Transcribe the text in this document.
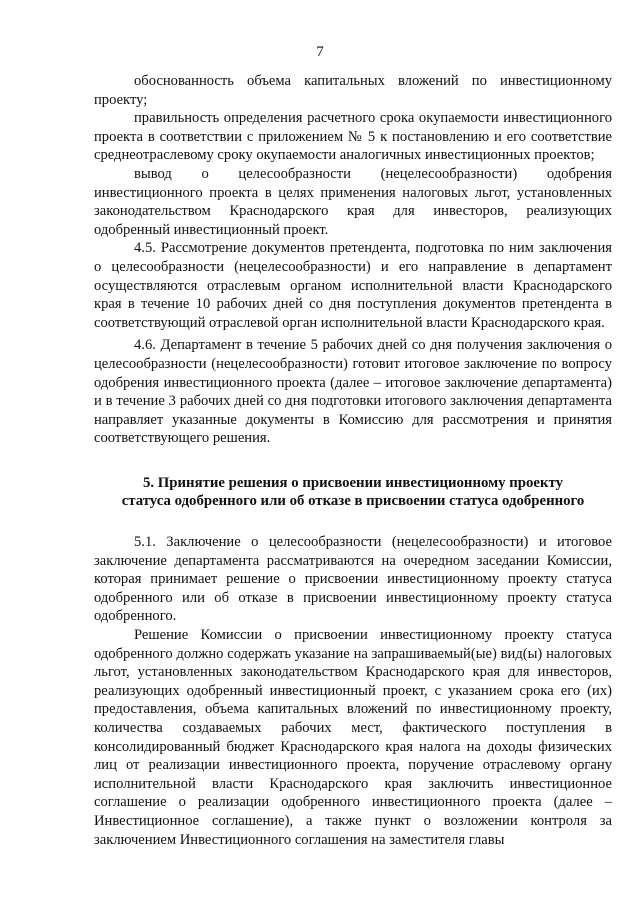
7

обоснованность объема капитальных вложений по инвестиционному проекту;

правильность определения расчетного срока окупаемости инвестиционного проекта в соответствии с приложением № 5 к постановлению и его соответствие среднеотраслевому сроку окупаемости аналогичных инвестиционных проектов;

вывод о целесообразности (нецелесообразности) одобрения инвестиционного проекта в целях применения налоговых льгот, установленных законодательством Краснодарского края для инвесторов, реализующих одобренный инвестиционный проект.

4.5. Рассмотрение документов претендента, подготовка по ним заключения о целесообразности (нецелесообразности) и его направление в департамент осуществляются отраслевым органом исполнительной власти Краснодарского края в течение 10 рабочих дней со дня поступления документов претендента в соответствующий отраслевой орган исполнительной власти Краснодарского края.

4.6. Департамент в течение 5 рабочих дней со дня получения заключения о целесообразности (нецелесообразности) готовит итоговое заключение по вопросу одобрения инвестиционного проекта (далее – итоговое заключение департамента) и в течение 3 рабочих дней со дня подготовки итогового заключения департамента направляет указанные документы в Комиссию для рассмотрения и принятия соответствующего решения.

5. Принятие решения о присвоении инвестиционному проекту
статуса одобренного или об отказе в присвоении статуса одобренного

5.1. Заключение о целесообразности (нецелесообразности) и итоговое заключение департамента рассматриваются на очередном заседании Комиссии, которая принимает решение о присвоении инвестиционному проекту статуса одобренного или об отказе в присвоении инвестиционному проекту статуса одобренного.

Решение Комиссии о присвоении инвестиционному проекту статуса одобренного должно содержать указание на запрашиваемый(ые) вид(ы) налоговых льгот, установленных законодательством Краснодарского края для инвесторов, реализующих одобренный инвестиционный проект, с указанием срока его (их) предоставления, объема капитальных вложений по инвестиционному проекту, количества создаваемых рабочих мест, фактического поступления в консолидированный бюджет Краснодарского края налога на доходы физических лиц от реализации инвестиционного проекта, поручение отраслевому органу исполнительной власти Краснодарского края заключить инвестиционное соглашение о реализации одобренного инвестиционного проекта (далее – Инвестиционное соглашение), а также пункт о возложении контроля за заключением Инвестиционного соглашения на заместителя главы
